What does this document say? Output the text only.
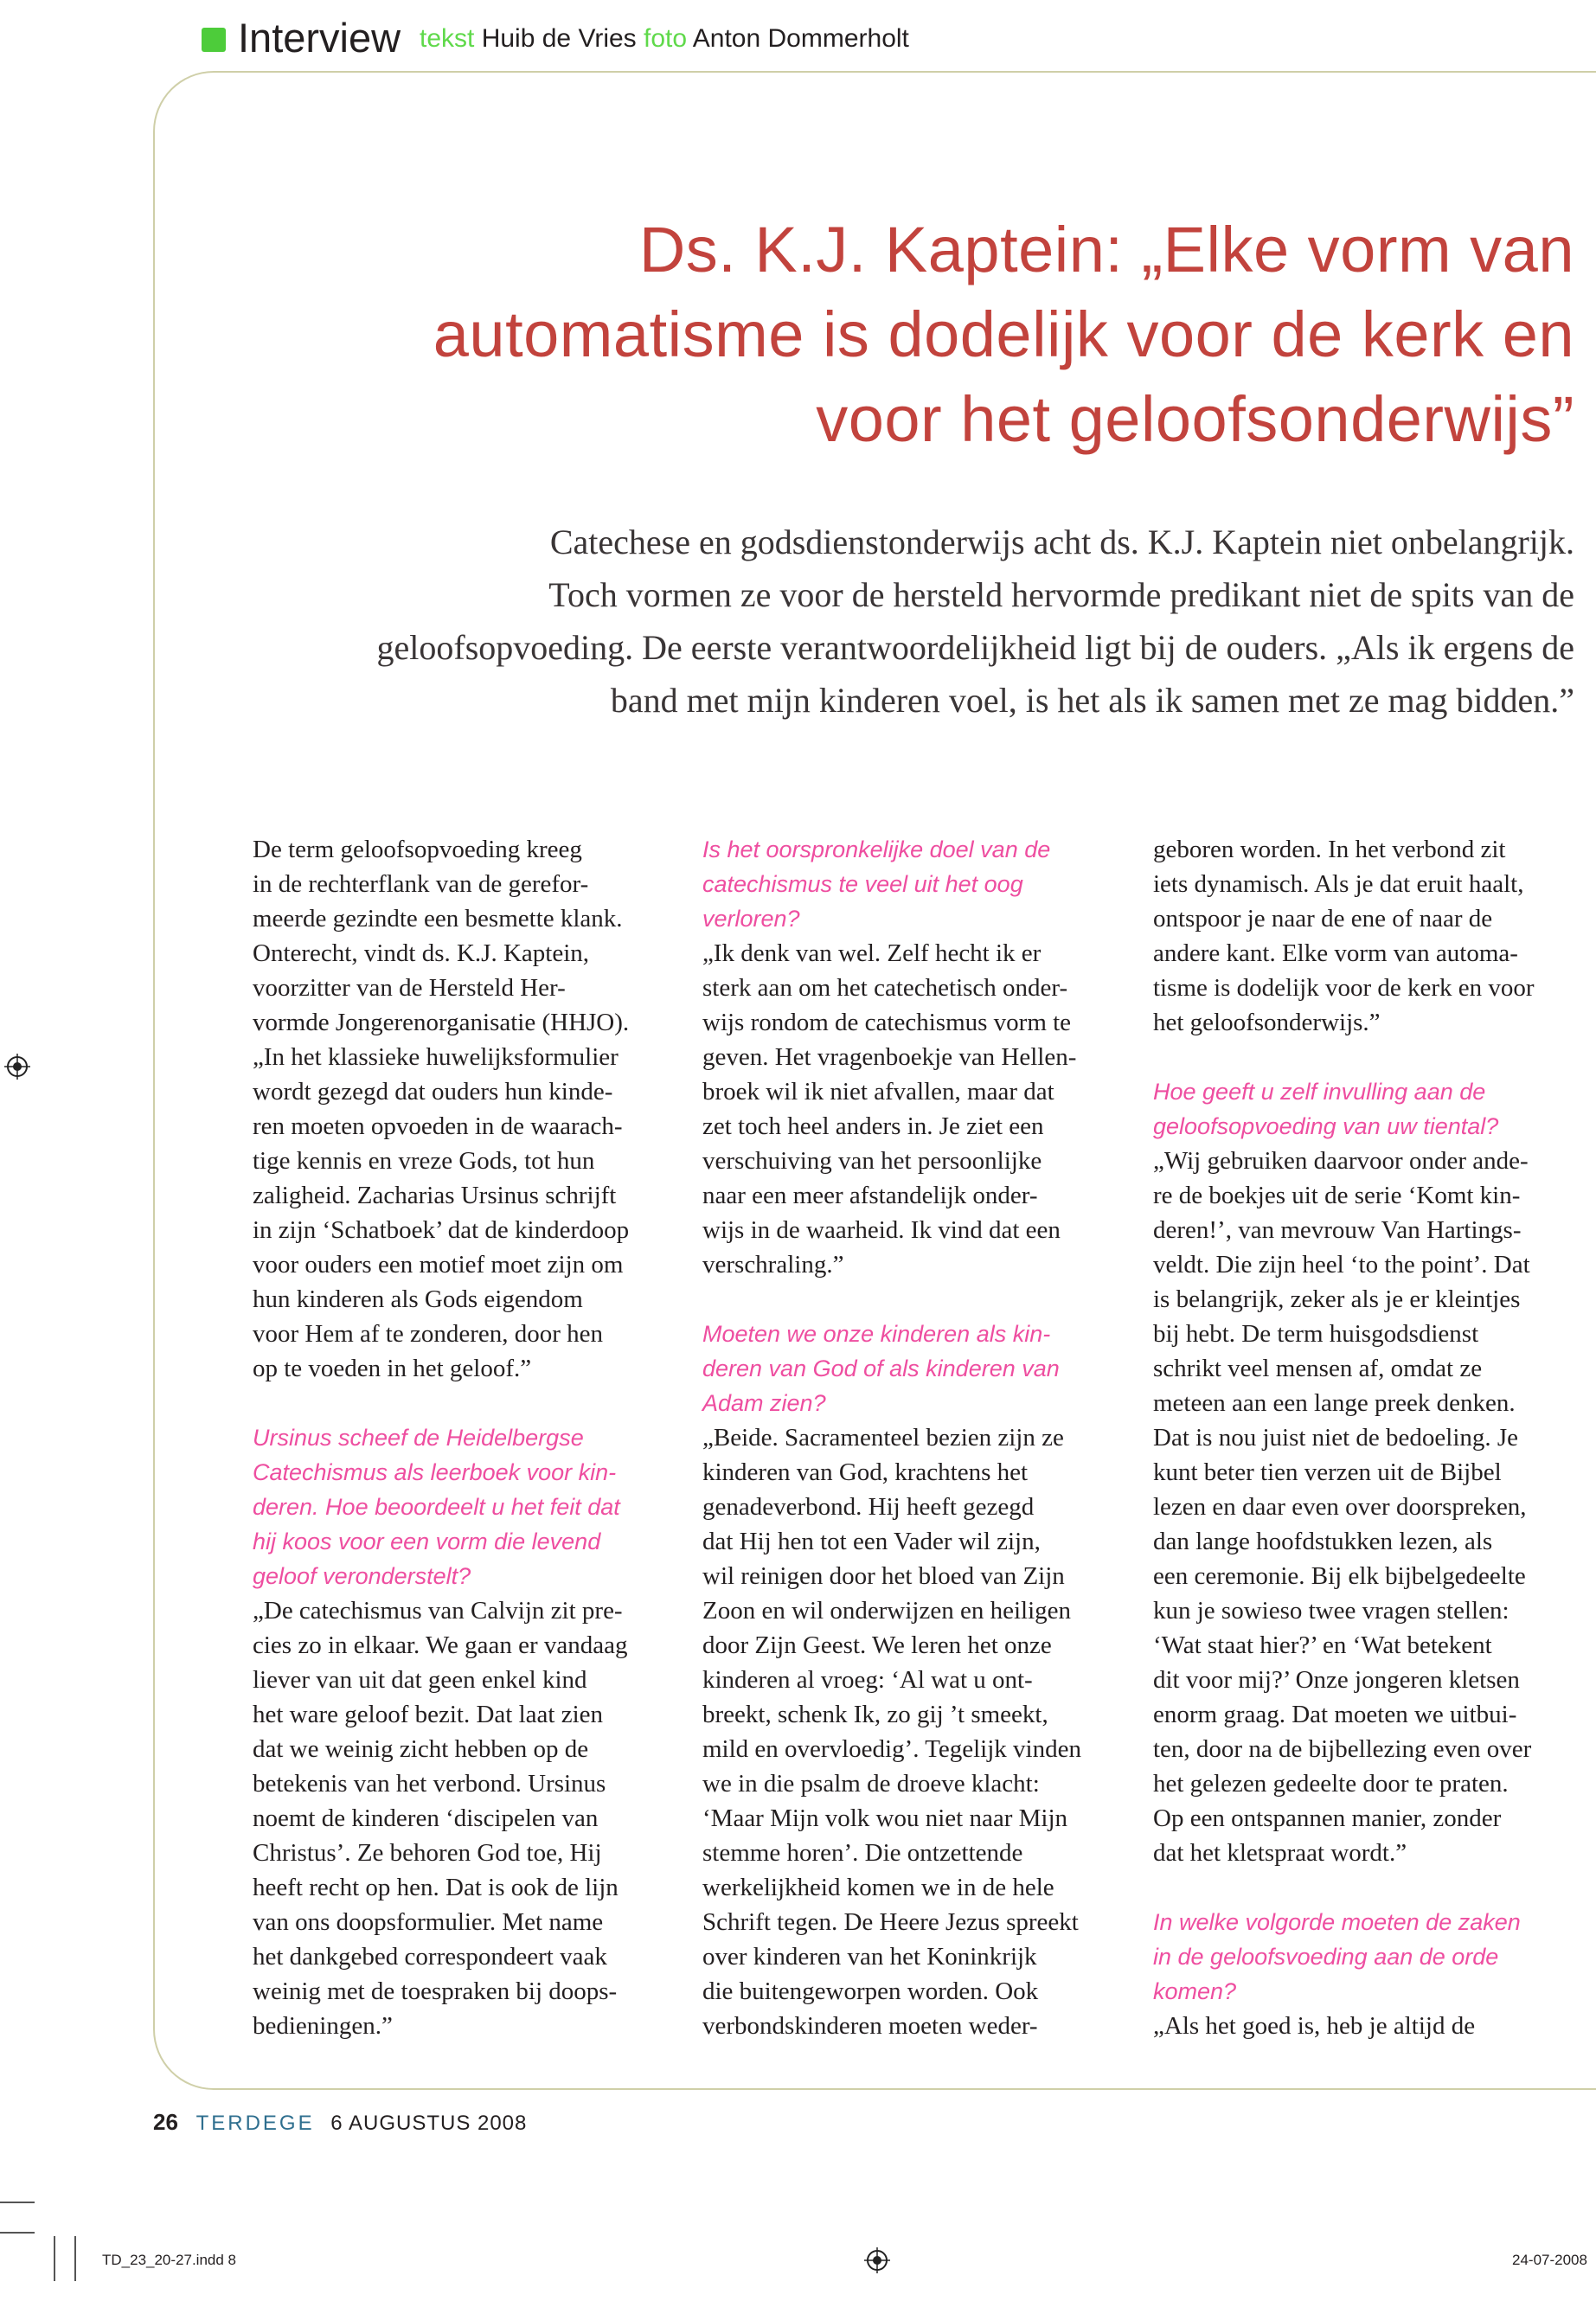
Interview tekst Huib de Vries foto Anton Dommerholt
Ds. K.J. Kaptein: „Elke vorm van
automatisme is dodelijk voor de kerk en
voor het geloofsonderwijs”
Catechese en godsdienstonderwijs acht ds. K.J. Kaptein niet onbelangrijk.
Toch vormen ze voor de hersteld hervormde predikant niet de spits van de
geloofsopvoeding. De eerste verantwoordelijkheid ligt bij de ouders. „Als ik ergens de
band met mijn kinderen voel, is het als ik samen met ze mag bidden.”

De term geloofsopvoeding kreeg

in de rechterflank van de gerefor-

meerde gezindte een besmette klank.

Onterecht, vindt ds. K.J. Kaptein,

voorzitter van de Hersteld Her-

vormde Jongerenorganisatie (HHJO).

„In het klassieke huwelijksformulier

wordt gezegd dat ouders hun kinde-

ren moeten opvoeden in de waarach-

tige kennis en vreze Gods, tot hun

zaligheid. Zacharias Ursinus schrijft

in zijn ‘Schatboek’ dat de kinderdoop

voor ouders een motief moet zijn om

hun kinderen als Gods eigendom

voor Hem af te zonderen, door hen

op te voeden in het geloof.”

Ursinus scheef de Heidelbergse

Catechismus als leerboek voor kin-

deren. Hoe beoordeelt u het feit dat

hij koos voor een vorm die levend

geloof veronderstelt?

„De catechismus van Calvijn zit pre-

cies zo in elkaar. We gaan er vandaag

liever van uit dat geen enkel kind

het ware geloof bezit. Dat laat zien

dat we weinig zicht hebben op de

betekenis van het verbond. Ursinus

noemt de kinderen ‘discipelen van

Christus’. Ze behoren God toe, Hij

heeft recht op hen. Dat is ook de lijn

van ons doopsformulier. Met name

het dankgebed correspondeert vaak

weinig met de toespraken bij doops-

bedieningen.”

Is het oorspronkelijke doel van de

catechismus te veel uit het oog

verloren?

„Ik denk van wel. Zelf hecht ik er

sterk aan om het catechetisch onder-

wijs rondom de catechismus vorm te

geven. Het vragenboekje van Hellen-

broek wil ik niet afvallen, maar dat

zet toch heel anders in. Je ziet een

verschuiving van het persoonlijke

naar een meer afstandelijk onder-

wijs in de waarheid. Ik vind dat een

verschraling.”

Moeten we onze kinderen als kin-

deren van God of als kinderen van

Adam zien?

„Beide. Sacramenteel bezien zijn ze

kinderen van God, krachtens het

genadeverbond. Hij heeft gezegd

dat Hij hen tot een Vader wil zijn,

wil reinigen door het bloed van Zijn

Zoon en wil onderwijzen en heiligen

door Zijn Geest. We leren het onze

kinderen al vroeg: ‘Al wat u ont-

breekt, schenk Ik, zo gij ’t smeekt,

mild en overvloedig’. Tegelijk vinden

we in die psalm de droeve klacht:

‘Maar Mijn volk wou niet naar Mijn

stemme horen’. Die ontzettende

werkelijkheid komen we in de hele

Schrift tegen. De Heere Jezus spreekt

over kinderen van het Koninkrijk

die buitengeworpen worden. Ook

verbondskinderen moeten weder-

geboren worden. In het verbond zit

iets dynamisch. Als je dat eruit haalt,

ontspoor je naar de ene of naar de

andere kant. Elke vorm van automa-

tisme is dodelijk voor de kerk en voor

het geloofsonderwijs.”

Hoe geeft u zelf invulling aan de

geloofsopvoeding van uw tiental?

„Wij gebruiken daarvoor onder ande-

re de boekjes uit de serie ‘Komt kin-

deren!’, van mevrouw Van Hartings-

veldt. Die zijn heel ‘to the point’. Dat

is belangrijk, zeker als je er kleintjes

bij hebt. De term huisgodsdienst

schrikt veel mensen af, omdat ze

meteen aan een lange preek denken.

Dat is nou juist niet de bedoeling. Je

kunt beter tien verzen uit de Bijbel

lezen en daar even over doorspreken,

dan lange hoofdstukken lezen, als

een ceremonie. Bij elk bijbelgedeelte

kun je sowieso twee vragen stellen:

‘Wat staat hier?’ en ‘Wat betekent

dit voor mij?’ Onze jongeren kletsen

enorm graag. Dat moeten we uitbui-

ten, door na de bijbellezing even over

het gelezen gedeelte door te praten.

Op een ontspannen manier, zonder

dat het kletspraat wordt.”

In welke volgorde moeten de zaken

in de geloofsvoeding aan de orde

komen?

„Als het goed is, heb je altijd de

26 TERDEGE 6 AUGUSTUS 2008
TD_23_20-27.indd 8	24-07-2008
